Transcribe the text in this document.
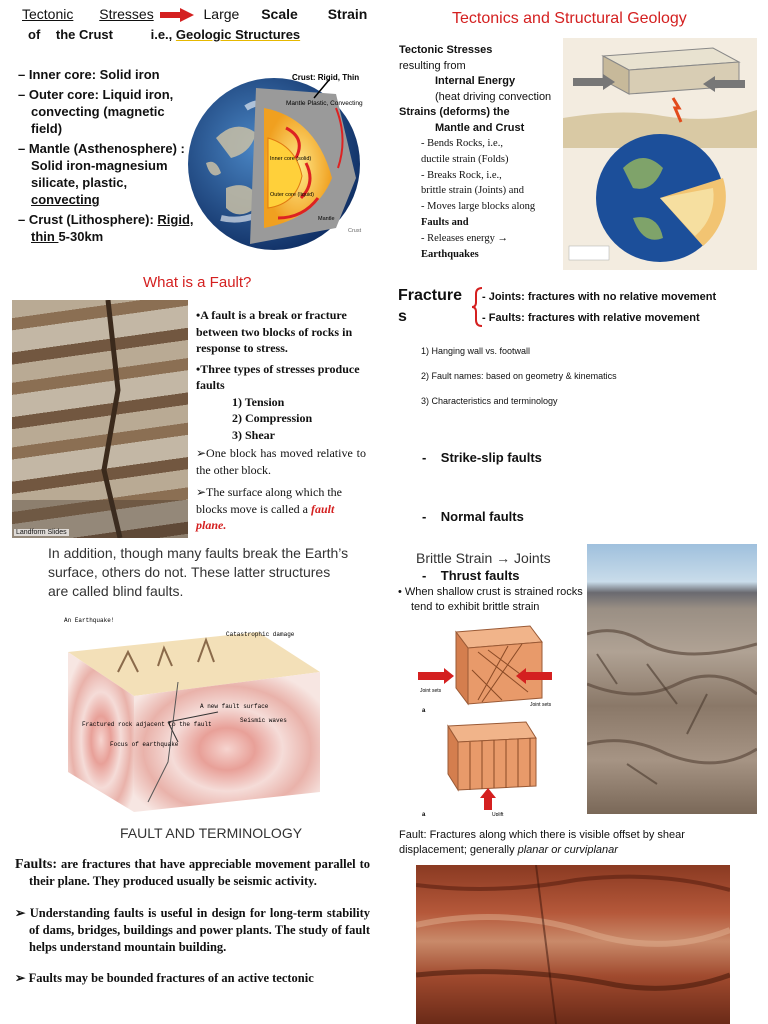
Tectonic Stresses	Large Scale Strain
of the Crust	i.e., Geologic Structures
Tectonics and Structural Geology
– Inner core: Solid iron
– Outer core: Liquid iron, convecting (magnetic field)
– Mantle (Asthenosphere) : Solid iron-magnesium silicate, plastic, convecting
– Crust (Lithosphere): Rigid, thin 5-30km
Crust: Rigid, Thin
Mantle Plastic, Convecting
Inner core (solid)
Outer core (liquid)
Mantle
Crust
Tectonic Stresses
resulting from
Internal Energy
(heat driving convection
Strains (deforms) the
Mantle and Crust
- Bends Rocks, i.e.,
ductile strain (Folds)
- Breaks Rock, i.e.,
brittle strain (Joints) and
- Moves large blocks along
Faults and
- Releases energy →
Earthquakes
What is a Fault?
Landform Slides
•A fault is a break or fracture between two blocks of rocks in response to stress.
•Three types of stresses produce faults
1) Tension
2) Compression
3) Shear
➢One block has moved relative to the other block.
➢The surface along which the blocks move is called a fault plane.
Fractures
- Joints: fractures with no relative movement
- Faults: fractures with relative movement
1) Hanging wall vs. footwall
2) Fault names: based on geometry & kinematics
3) Characteristics and terminology

-    Strike-slip faults

-    Normal faults

-    Thrust faults

In addition, though many faults break the Earth’s surface, others do not. These latter structures are called blind faults.
An Earthquake!
Catastrophic damage
A new fault surface
Seismic waves
Fractured rock adjacent to the fault
Focus of earthquake
Brittle Strain → Joints
• When shallow crust is strained rocks tend to exhibit brittle strain
Joint sets
Joint sets
a
a	Uplift
FAULT AND TERMINOLOGY
Faults: are fractures that have appreciable movement parallel to their plane. They produced usually be seismic activity.
➢ Understanding faults is useful in design for long-term stability of dams, bridges, buildings and power plants. The study of fault helps understand mountain building.
➢ Faults may be bounded fractures of an active tectonic
Fault: Fractures along which there is visible offset by shear displacement; generally planar or curviplanar
